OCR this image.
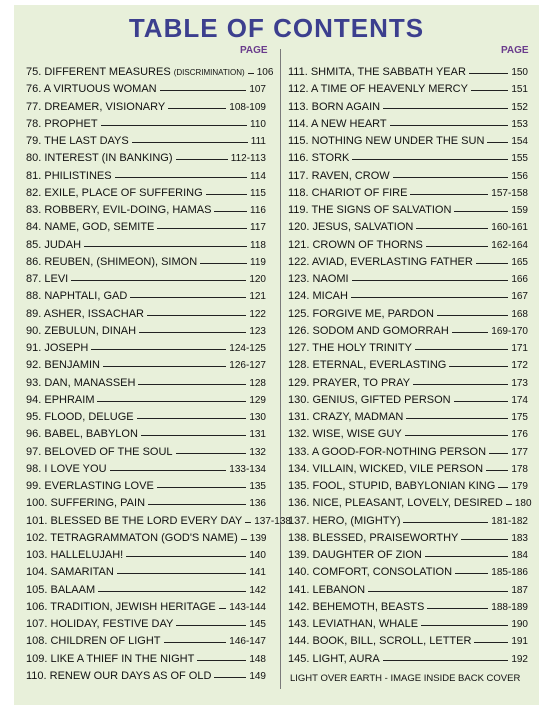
TABLE OF CONTENTS
PAGE	PAGE
75. DIFFERENT MEASURES (DISCRIMINATION) 106
76. A VIRTUOUS WOMAN	107
77. DREAMER, VISIONARY	108-109
78. PROPHET	110
79. THE LAST DAYS	111
80. INTEREST (IN BANKING)	112-113
81. PHILISTINES	114
82. EXILE, PLACE OF SUFFERING	115
83. ROBBERY, EVIL-DOING, HAMAS	116
84. NAME, GOD, SEMITE	117
85. JUDAH	118
86. REUBEN, (SHIMEON), SIMON	119
87. LEVI	120
88. NAPHTALI, GAD	121
89. ASHER, ISSACHAR	122
90. ZEBULUN, DINAH	123
91. JOSEPH	124-125
92. BENJAMIN	126-127
93. DAN, MANASSEH	128
94. EPHRAIM	129
95. FLOOD, DELUGE	130
96. BABEL, BABYLON	131
97. BELOVED OF THE SOUL	132
98. I LOVE YOU	133-134
99. EVERLASTING LOVE	135
100. SUFFERING, PAIN	136
101. BLESSED BE THE LORD EVERY DAY 137-138
102. TETRAGRAMMATON (GOD'S NAME) 139
103. HALLELUJAH!	140
104. SAMARITAN	141
105. BALAAM	142
106. TRADITION, JEWISH HERITAGE 143-144
107. HOLIDAY, FESTIVE DAY	145
108. CHILDREN OF LIGHT	146-147
109. LIKE A THIEF IN THE NIGHT	148
110. RENEW OUR DAYS AS OF OLD	149
111. SHMITA, THE SABBATH YEAR	150
112. A TIME OF HEAVENLY MERCY	151
113. BORN AGAIN	152
114. A NEW HEART	153
115. NOTHING NEW UNDER THE SUN	154
116. STORK	155
117. RAVEN, CROW	156
118. CHARIOT OF FIRE	157-158
119. THE SIGNS OF SALVATION	159
120. JESUS, SALVATION	160-161
121. CROWN OF THORNS	162-164
122. AVIAD, EVERLASTING FATHER	165
123. NAOMI	166
124. MICAH	167
125. FORGIVE ME, PARDON	168
126. SODOM AND GOMORRAH	169-170
127. THE HOLY TRINITY	171
128. ETERNAL, EVERLASTING	172
129. PRAYER, TO PRAY	173
130. GENIUS, GIFTED PERSON	174
131. CRAZY, MADMAN	175
132. WISE, WISE GUY	176
133. A GOOD-FOR-NOTHING PERSON	177
134. VILLAIN, WICKED, VILE PERSON	178
135. FOOL, STUPID, BABYLONIAN KING 179
136. NICE, PLEASANT, LOVELY, DESIRED 180
137. HERO, (MIGHTY)	181-182
138. BLESSED, PRAISEWORTHY	183
139. DAUGHTER OF ZION	184
140. COMFORT, CONSOLATION	185-186
141. LEBANON	187
142. BEHEMOTH, BEASTS	188-189
143. LEVIATHAN, WHALE	190
144. BOOK, BILL, SCROLL, LETTER	191
145. LIGHT, AURA	192
LIGHT OVER EARTH - IMAGE INSIDE BACK COVER
